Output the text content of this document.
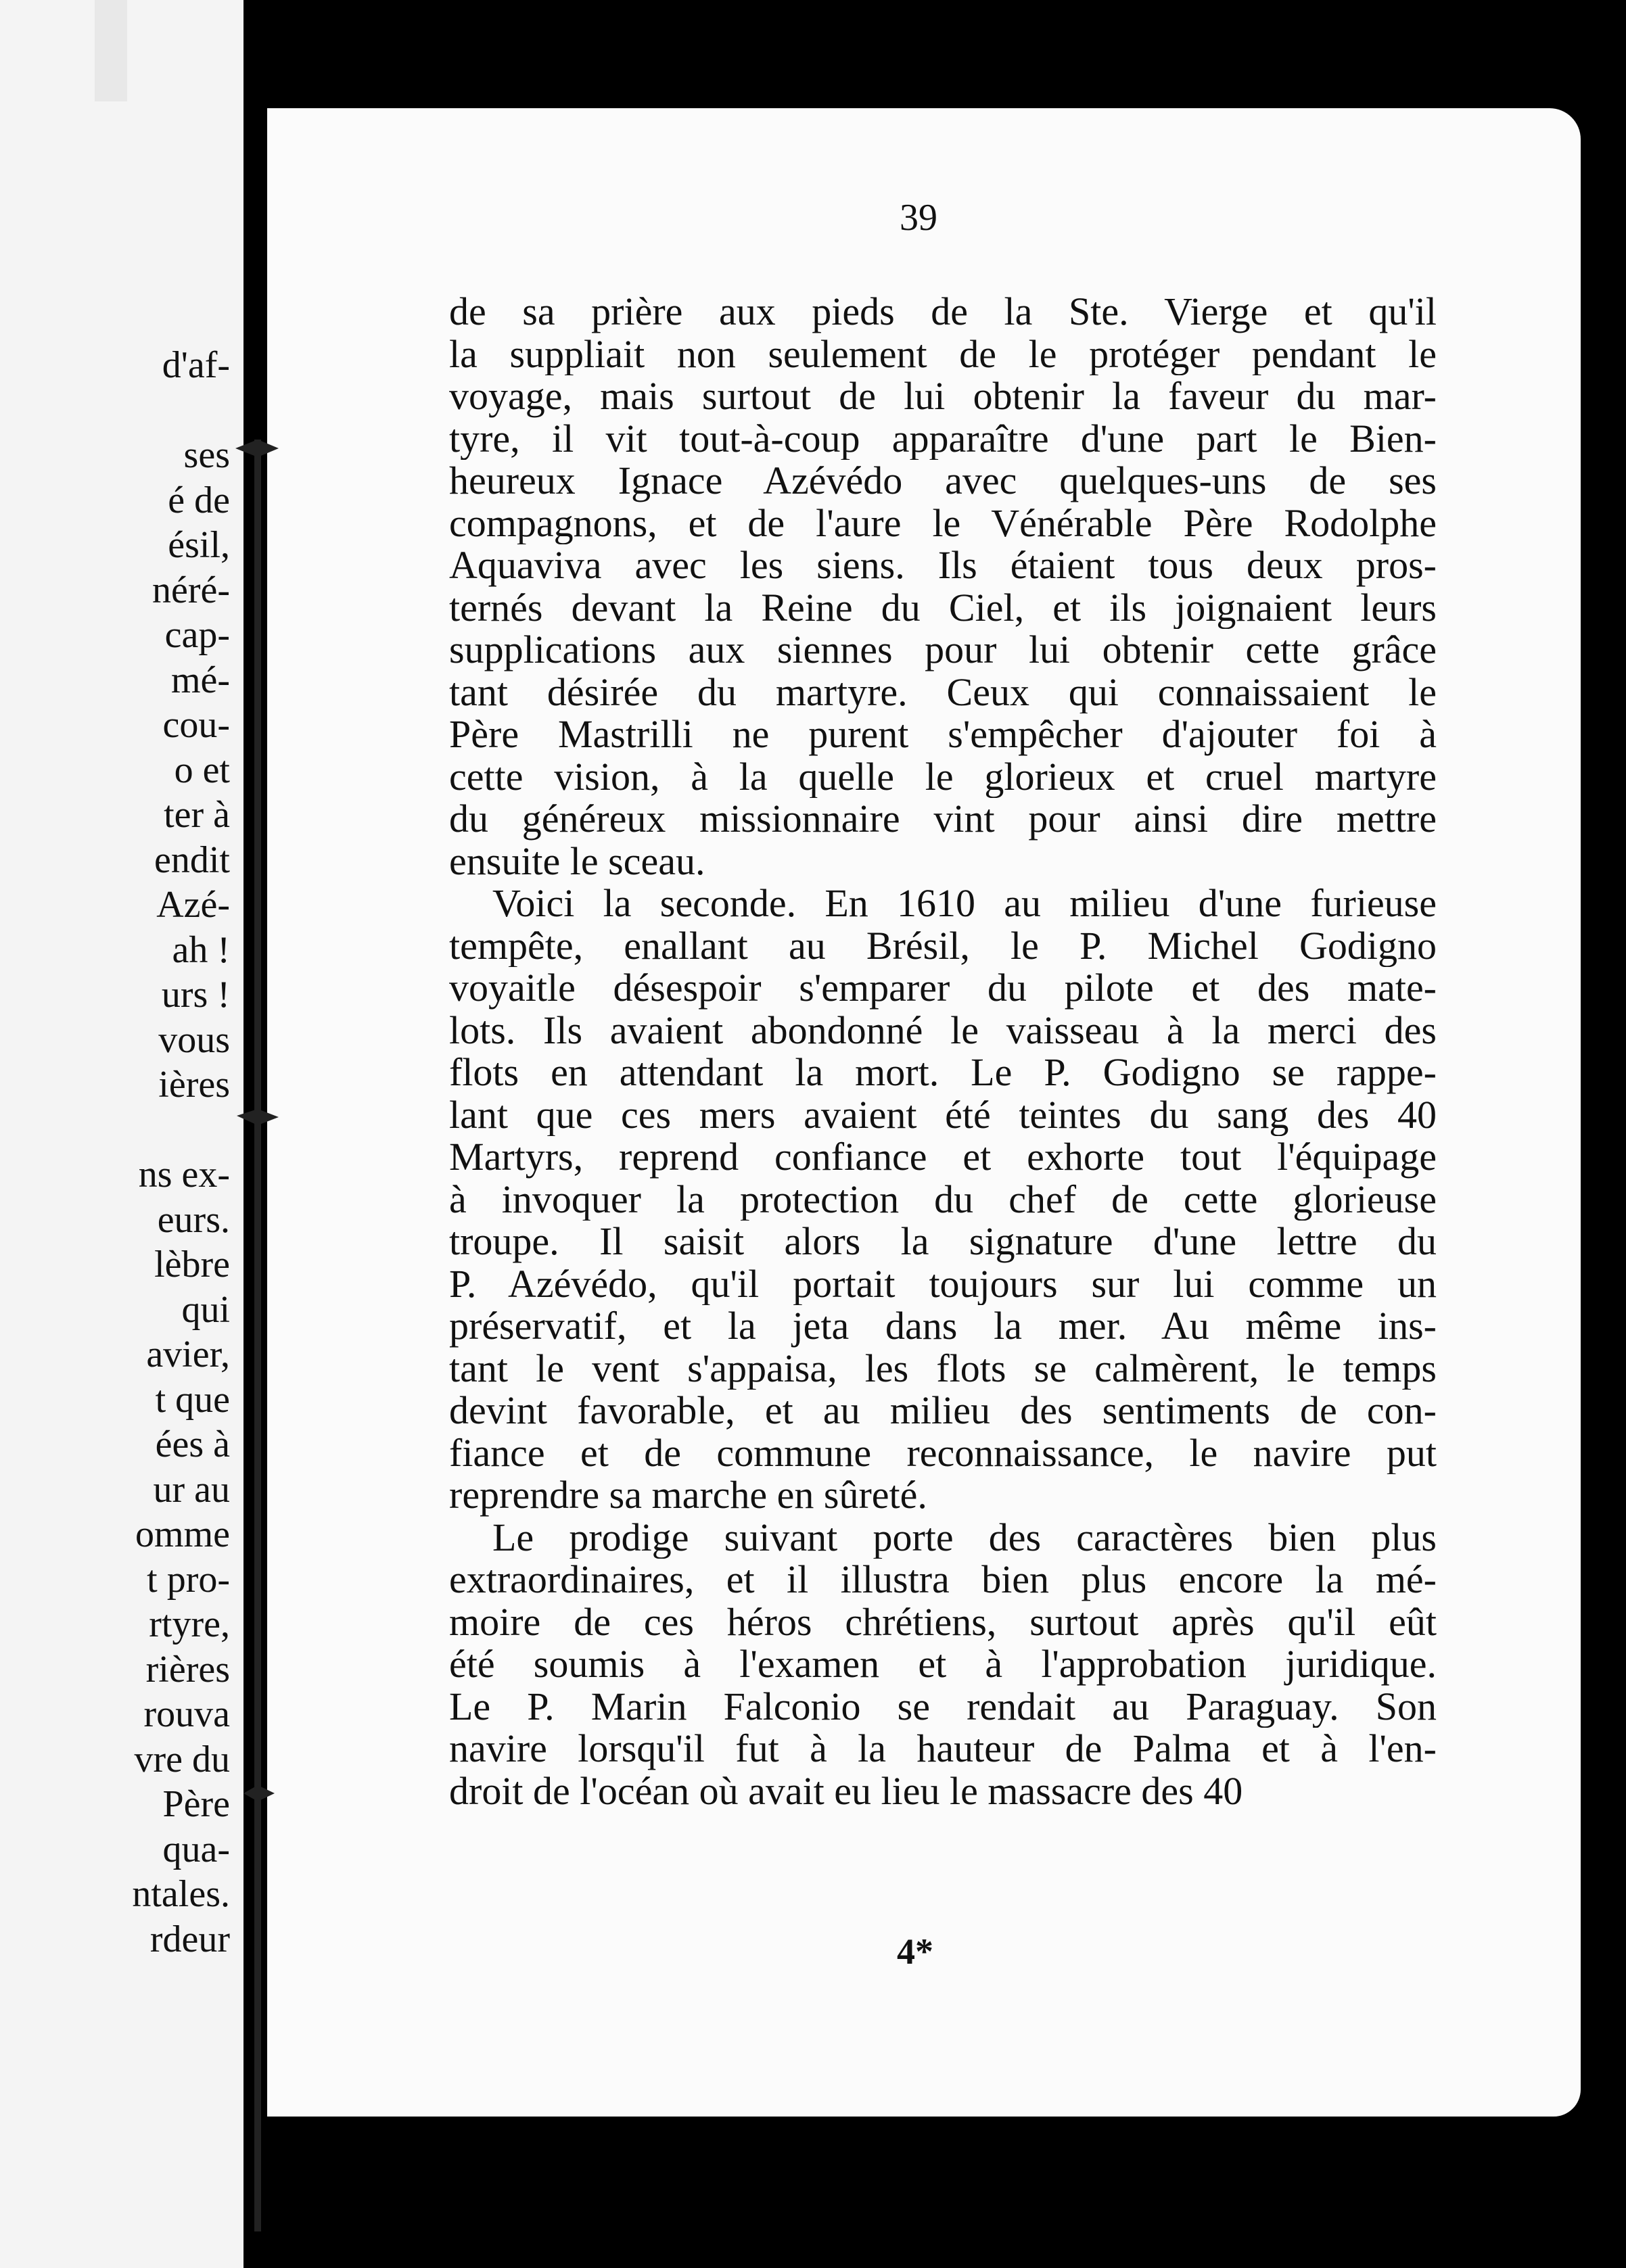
d'af-
ses
é de
ésil,
néré-
cap-
mé-
cou-
o et
ter à
endit
Azé-
ah !
urs !
vous
ières
ns ex-
eurs.
lèbre
qui
avier,
t que
ées à
ur au
omme
t pro-
rtyre,
rières
rouva
vre du
Père
qua-
ntales.
rdeur
39
de sa prière aux pieds de la Ste. Vierge et qu'il
la suppliait non seulement de le protéger pendant le
voyage, mais surtout de lui obtenir la faveur du mar-
tyre, il vit tout-à-coup apparaître d'une part le Bien-
heureux Ignace Azévédo avec quelques-uns de ses
compagnons, et de l'aure le Vénérable Père Rodolphe
Aquaviva avec les siens. Ils étaient tous deux pros-
ternés devant la Reine du Ciel, et ils joignaient leurs
supplications aux siennes pour lui obtenir cette grâce
tant désirée du martyre. Ceux qui connaissaient le
Père Mastrilli ne purent s'empêcher d'ajouter foi à
cette vision, à la quelle le glorieux et cruel martyre
du généreux missionnaire vint pour ainsi dire mettre
ensuite le sceau.
Voici la seconde. En 1610 au milieu d'une furieuse
tempête, enallant au Brésil, le P. Michel Godigno
voyaitle désespoir s'emparer du pilote et des mate-
lots. Ils avaient abondonné le vaisseau à la merci des
flots en attendant la mort. Le P. Godigno se rappe-
lant que ces mers avaient été teintes du sang des 40
Martyrs, reprend confiance et exhorte tout l'équipage
à invoquer la protection du chef de cette glorieuse
troupe. Il saisit alors la signature d'une lettre du
P. Azévédo, qu'il portait toujours sur lui comme un
préservatif, et la jeta dans la mer. Au même ins-
tant le vent s'appaisa, les flots se calmèrent, le temps
devint favorable, et au milieu des sentiments de con-
fiance et de commune reconnaissance, le navire put
reprendre sa marche en sûreté.
Le prodige suivant porte des caractères bien plus
extraordinaires, et il illustra bien plus encore la mé-
moire de ces héros chrétiens, surtout après qu'il eût
été soumis à l'examen et à l'approbation juridique.
Le P. Marin Falconio se rendait au Paraguay. Son
navire lorsqu'il fut à la hauteur de Palma et à l'en-
droit de l'océan où avait eu lieu le massacre des 40
4*
